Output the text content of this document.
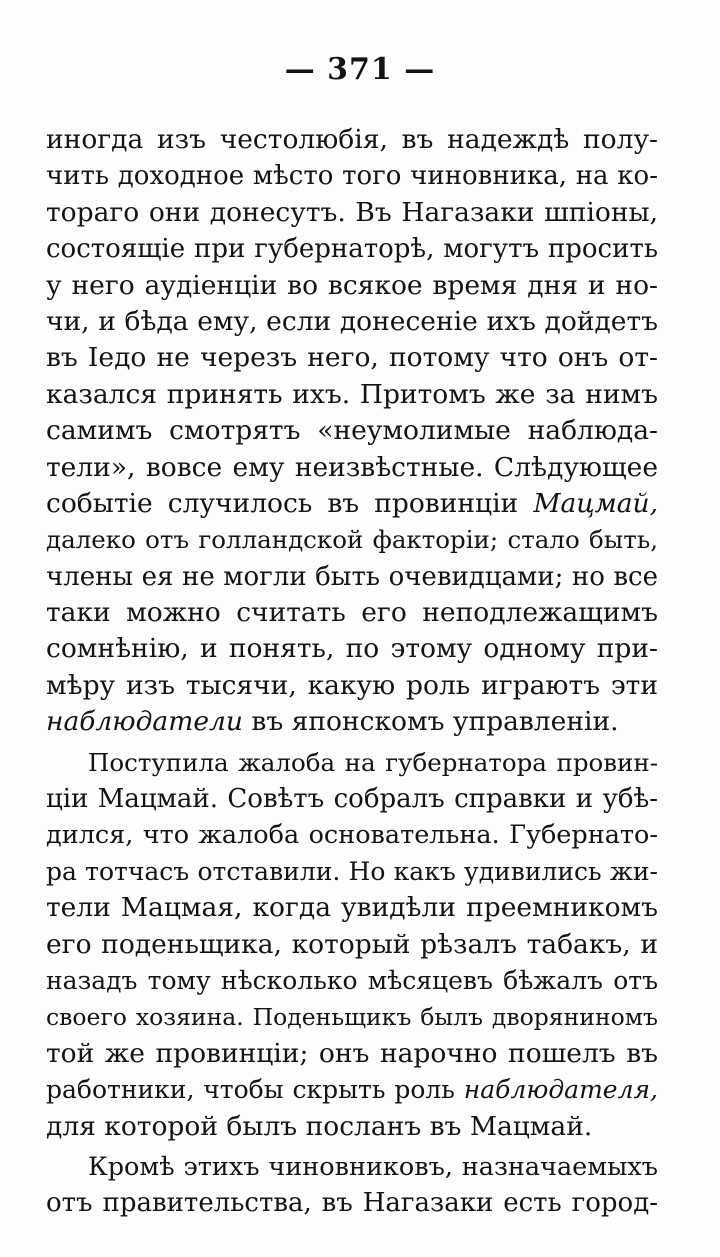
— 371 —
иногда изъ честолюбія, въ надеждѣ полу-
чить доходное мѣсто того чиновника, на ко-
тораго они донесутъ. Въ Нагазаки шпіоны,
состоящіе при губернаторѣ, могутъ просить
у него аудіенціи во всякое время дня и но-
чи, и бѣда ему, если донесеніе ихъ дойдетъ
въ Іедо не черезъ него, потому что онъ от-
казался принять ихъ. Притомъ же за нимъ
самимъ смотрятъ «неумолимые наблюда-
тели», вовсе ему неизвѣстные. Слѣдующее
событіе случилось въ провинціи Мацмай,
далеко отъ голландской факторіи; стало быть,
члены ея не могли быть очевидцами; но все
таки можно считать его неподлежащимъ
сомнѣнію, и понять, по этому одному при-
мѣру изъ тысячи, какую роль играютъ эти
наблюдатели въ японскомъ управленіи.
Поступила жалоба на губернатора провин-
ціи Мацмай. Совѣтъ собралъ справки и убѣ-
дился, что жалоба основательна. Губернато-
ра тотчасъ отставили. Но какъ удивились жи-
тели Мацмая, когда увидѣли преемникомъ
его поденьщика, который рѣзалъ табакъ, и
назадъ тому нѣсколько мѣсяцевъ бѣжалъ отъ
своего хозяина. Поденьщикъ былъ дворяниномъ
той же провинціи; онъ нарочно пошелъ въ
работники, чтобы скрыть роль наблюдателя,
для которой былъ посланъ въ Мацмай.
Кромѣ этихъ чиновниковъ, назначаемыхъ
отъ правительства, въ Нагазаки есть город-
